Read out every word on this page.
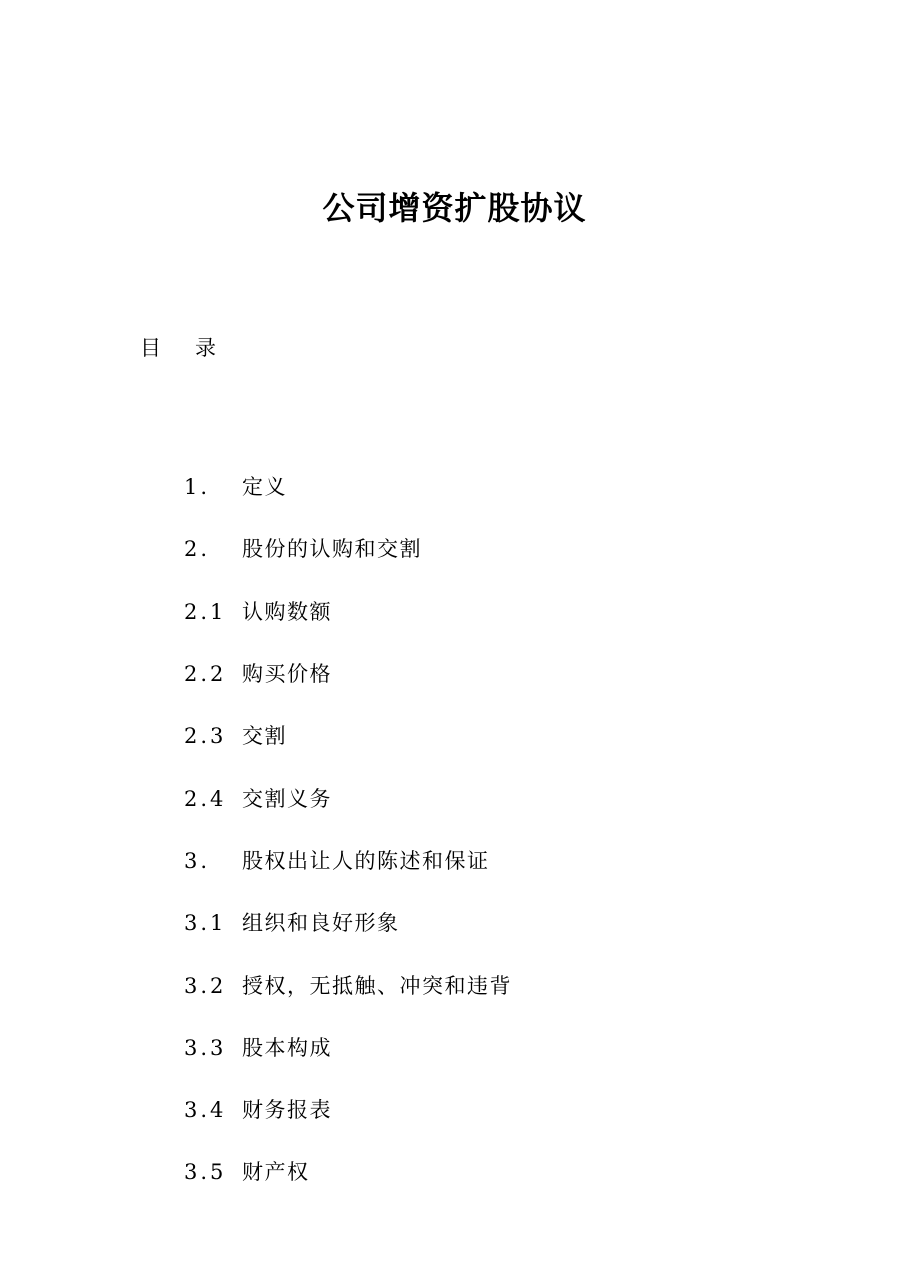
公司增资扩股协议
目 录
1.	定义
2.	股份的认购和交割
2.1 认购数额
2.2 购买价格
2.3 交割
2.4 交割义务
3.	股权出让人的陈述和保证
3.1 组织和良好形象
3.2 授权，无抵触、冲突和违背
3.3 股本构成
3.4 财务报表
3.5 财产权
